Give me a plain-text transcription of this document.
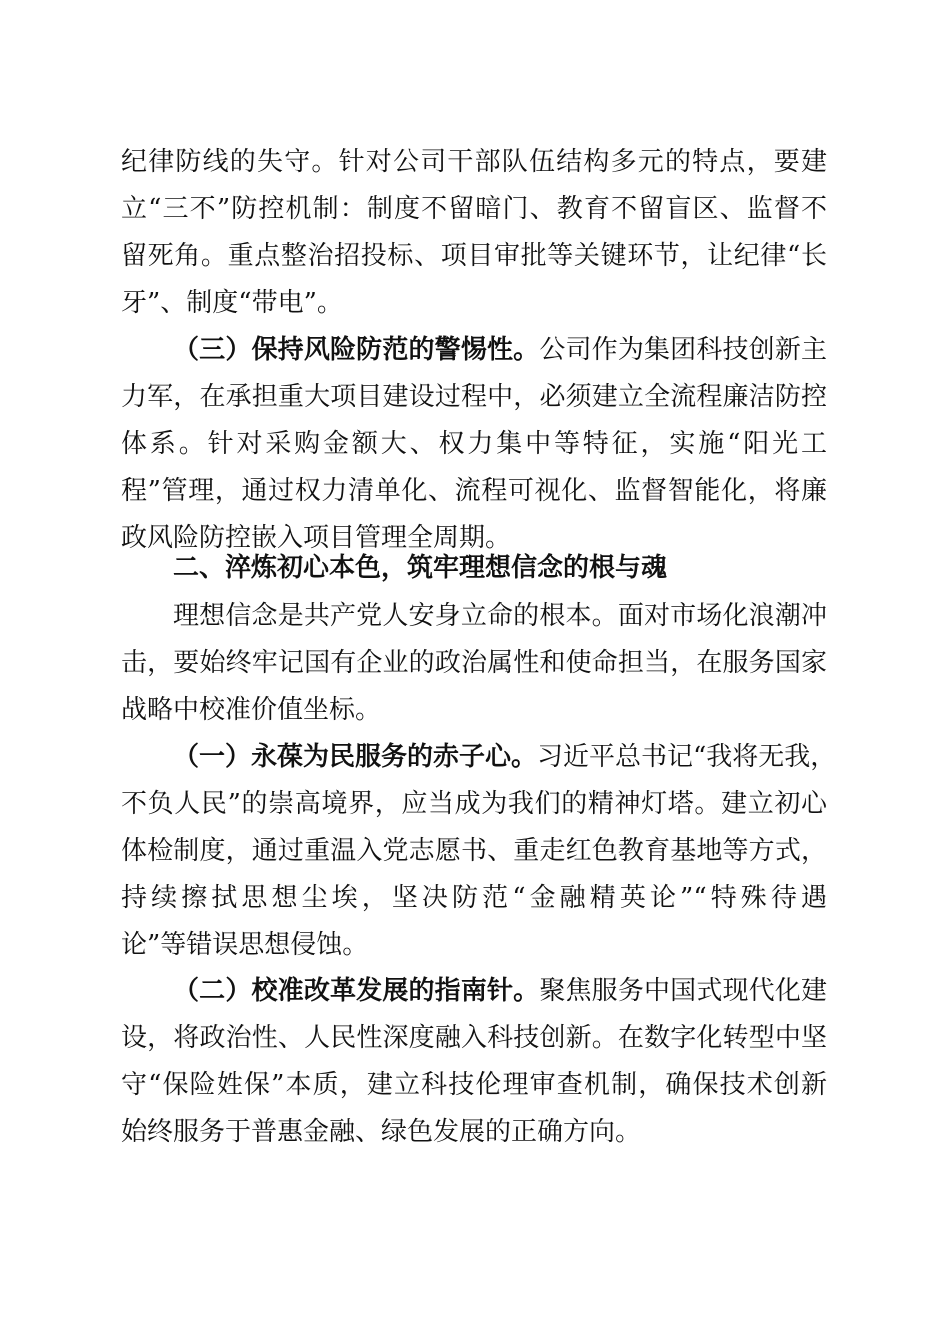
纪律防线的失守。针对公司干部队伍结构多元的特点，要建
立“三不”防控机制：制度不留暗门、教育不留盲区、监督不
留死角。重点整治招投标、项目审批等关键环节，让纪律“长
牙”、制度“带电”。
（三）保持风险防范的警惕性。公司作为集团科技创新主
力军，在承担重大项目建设过程中，必须建立全流程廉洁防控
体系。针对采购金额大、权力集中等特征，实施“阳光工
程”管理，通过权力清单化、流程可视化、监督智能化，将廉
政风险防控嵌入项目管理全周期。
二、淬炼初心本色，筑牢理想信念的根与魂
理想信念是共产党人安身立命的根本。面对市场化浪潮冲
击，要始终牢记国有企业的政治属性和使命担当，在服务国家
战略中校准价值坐标。
（一）永葆为民服务的赤子心。习近平总书记“我将无我，
不负人民”的崇高境界，应当成为我们的精神灯塔。建立初心
体检制度，通过重温入党志愿书、重走红色教育基地等方式，
持续擦拭思想尘埃，坚决防范“金融精英论”“特殊待遇
论”等错误思想侵蚀。
（二）校准改革发展的指南针。聚焦服务中国式现代化建
设，将政治性、人民性深度融入科技创新。在数字化转型中坚
守“保险姓保”本质，建立科技伦理审查机制，确保技术创新
始终服务于普惠金融、绿色发展的正确方向。
